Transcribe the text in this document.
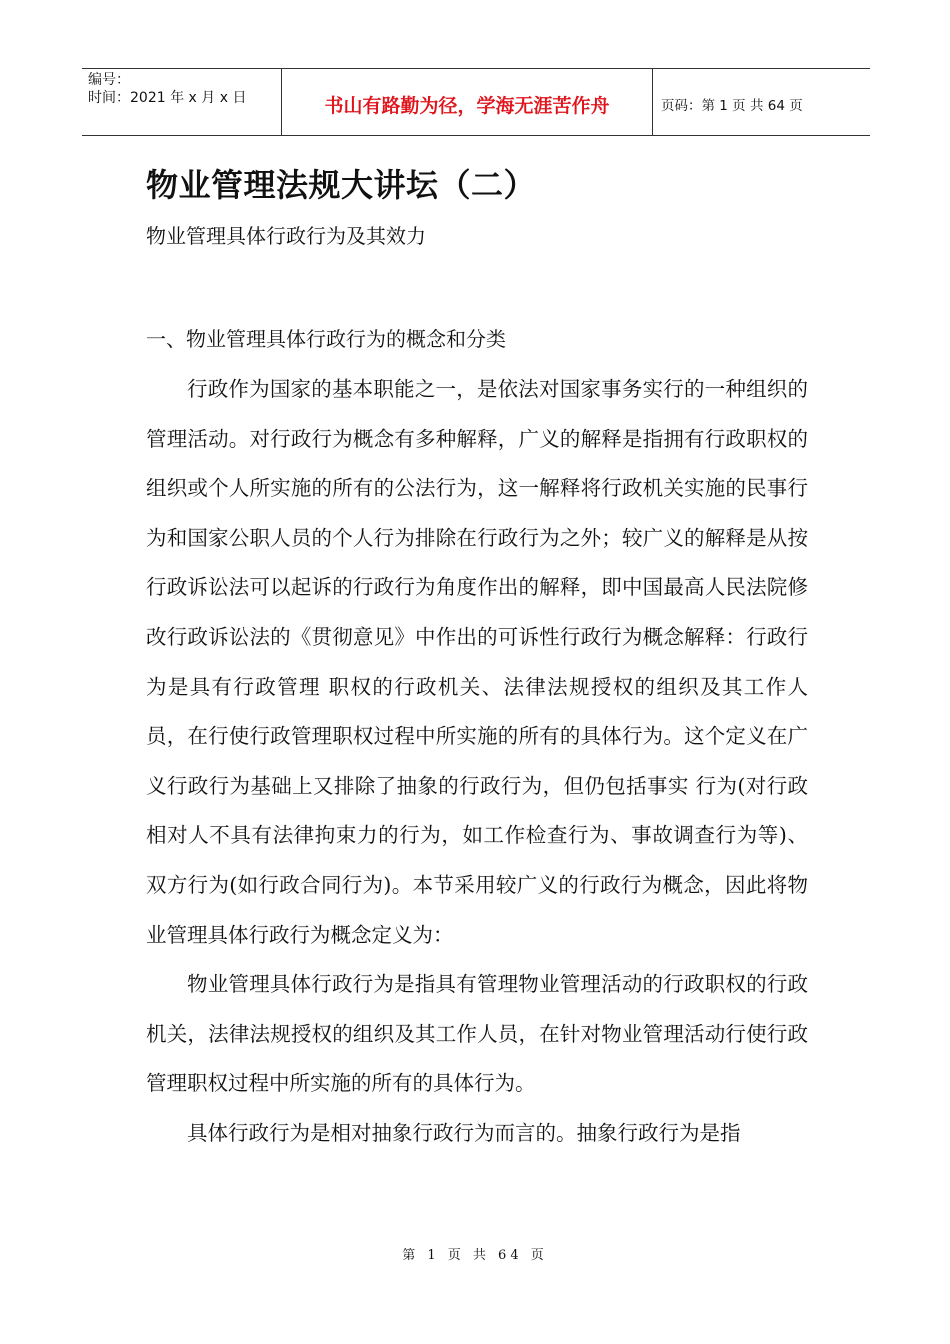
编号：
时间：2021 年 x 月 x 日	书山有路勤为径，学海无涯苦作舟	页码：第 1 页 共 64 页
物业管理法规大讲坛（二）
物业管理具体行政行为及其效力
一、物业管理具体行政行为的概念和分类

行政作为国家的基本职能之一，是依法对国家事务实行的一种组织的管理活动。对行政行为概念有多种解释，广义的解释是指拥有行政职权的组织或个人所实施的所有的公法行为，这一解释将行政机关实施的民事行为和国家公职人员的个人行为排除在行政行为之外；较广义的解释是从按行政诉讼法可以起诉的行政行为角度作出的解释，即中国最高人民法院修改行政诉讼法的《贯彻意见》中作出的可诉性行政行为概念解释：行政行为是具有行政管理 职权的行政机关、法律法规授权的组织及其工作人员，在行使行政管理职权过程中所实施的所有的具体行为。这个定义在广义行政行为基础上又排除了抽象的行政行为，但仍包括事实 行为(对行政相对人不具有法律拘束力的行为，如工作检查行为、事故调查行为等)、双方行为(如行政合同行为)。本节采用较广义的行政行为概念，因此将物业管理具体行政行为概念定义为：

物业管理具体行政行为是指具有管理物业管理活动的行政职权的行政机关，法律法规授权的组织及其工作人员，在针对物业管理活动行使行政管理职权过程中所实施的所有的具体行为。

具体行政行为是相对抽象行政行为而言的。抽象行政行为是指

第 1 页 共 64 页
